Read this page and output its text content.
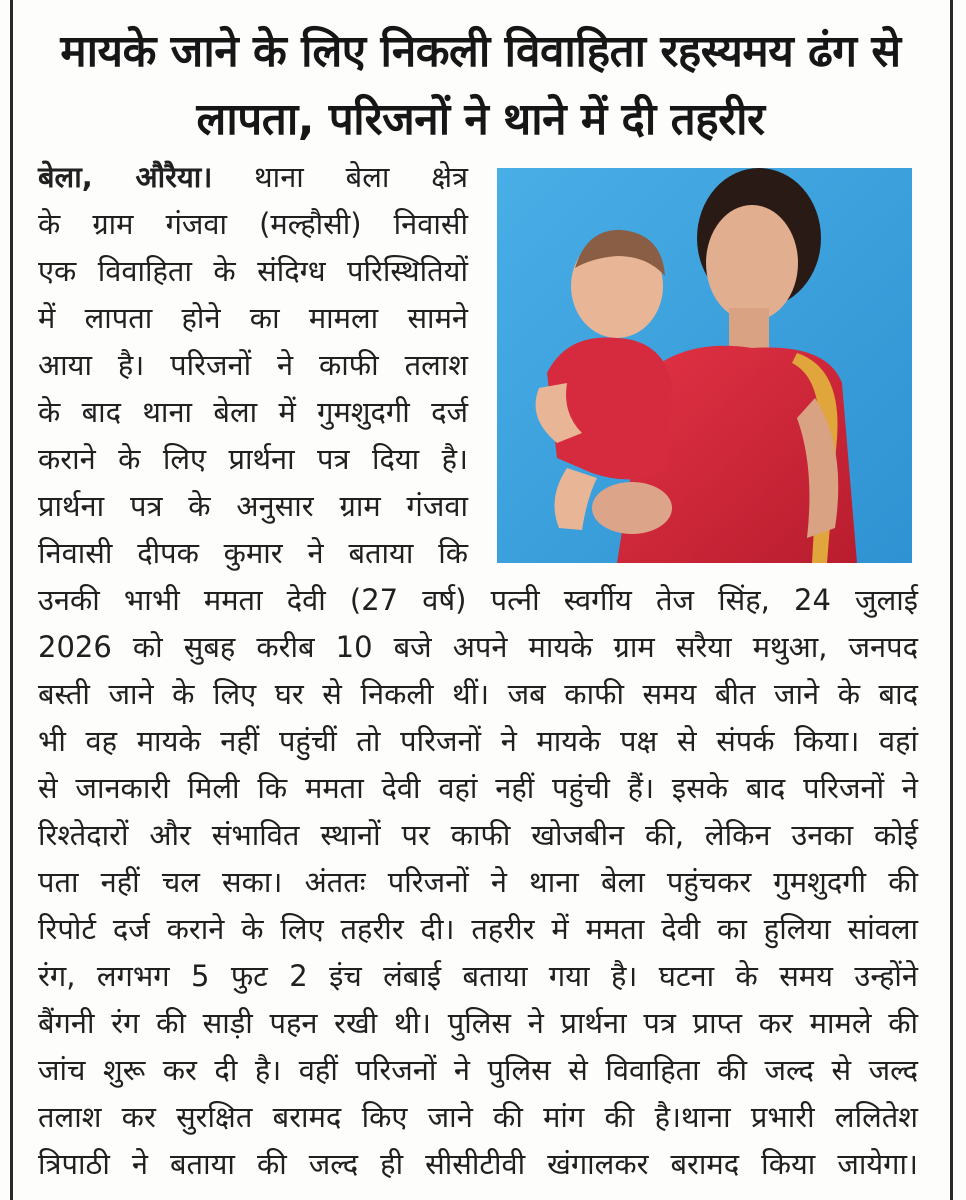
मायके जाने के लिए निकली विवाहिता रहस्यमय ढंग से
लापता, परिजनों ने थाने में दी तहरीर
बेला, औरैया। थाना बेला क्षेत्र
के ग्राम गंजवा (मल्हौसी) निवासी
एक विवाहिता के संदिग्ध परिस्थितियों
में लापता होने का मामला सामने
आया है। परिजनों ने काफी तलाश
के बाद थाना बेला में गुमशुदगी दर्ज
कराने के लिए प्रार्थना पत्र दिया है।
प्रार्थना पत्र के अनुसार ग्राम गंजवा
निवासी दीपक कुमार ने बताया कि
उनकी भाभी ममता देवी (27 वर्ष) पत्नी स्वर्गीय तेज सिंह, 24 जुलाई
2026 को सुबह करीब 10 बजे अपने मायके ग्राम सरैया मथुआ, जनपद
बस्ती जाने के लिए घर से निकली थीं। जब काफी समय बीत जाने के बाद
भी वह मायके नहीं पहुंचीं तो परिजनों ने मायके पक्ष से संपर्क किया। वहां
से जानकारी मिली कि ममता देवी वहां नहीं पहुंची हैं। इसके बाद परिजनों ने
रिश्तेदारों और संभावित स्थानों पर काफी खोजबीन की, लेकिन उनका कोई
पता नहीं चल सका। अंततः परिजनों ने थाना बेला पहुंचकर गुमशुदगी की
रिपोर्ट दर्ज कराने के लिए तहरीर दी। तहरीर में ममता देवी का हुलिया सांवला
रंग, लगभग 5 फुट 2 इंच लंबाई बताया गया है। घटना के समय उन्होंने
बैंगनी रंग की साड़ी पहन रखी थी। पुलिस ने प्रार्थना पत्र प्राप्त कर मामले की
जांच शुरू कर दी है। वहीं परिजनों ने पुलिस से विवाहिता की जल्द से जल्द
तलाश कर सुरक्षित बरामद किए जाने की मांग की है।थाना प्रभारी ललितेश
त्रिपाठी ने बताया की जल्द ही सीसीटीवी खंगालकर बरामद किया जायेगा।
